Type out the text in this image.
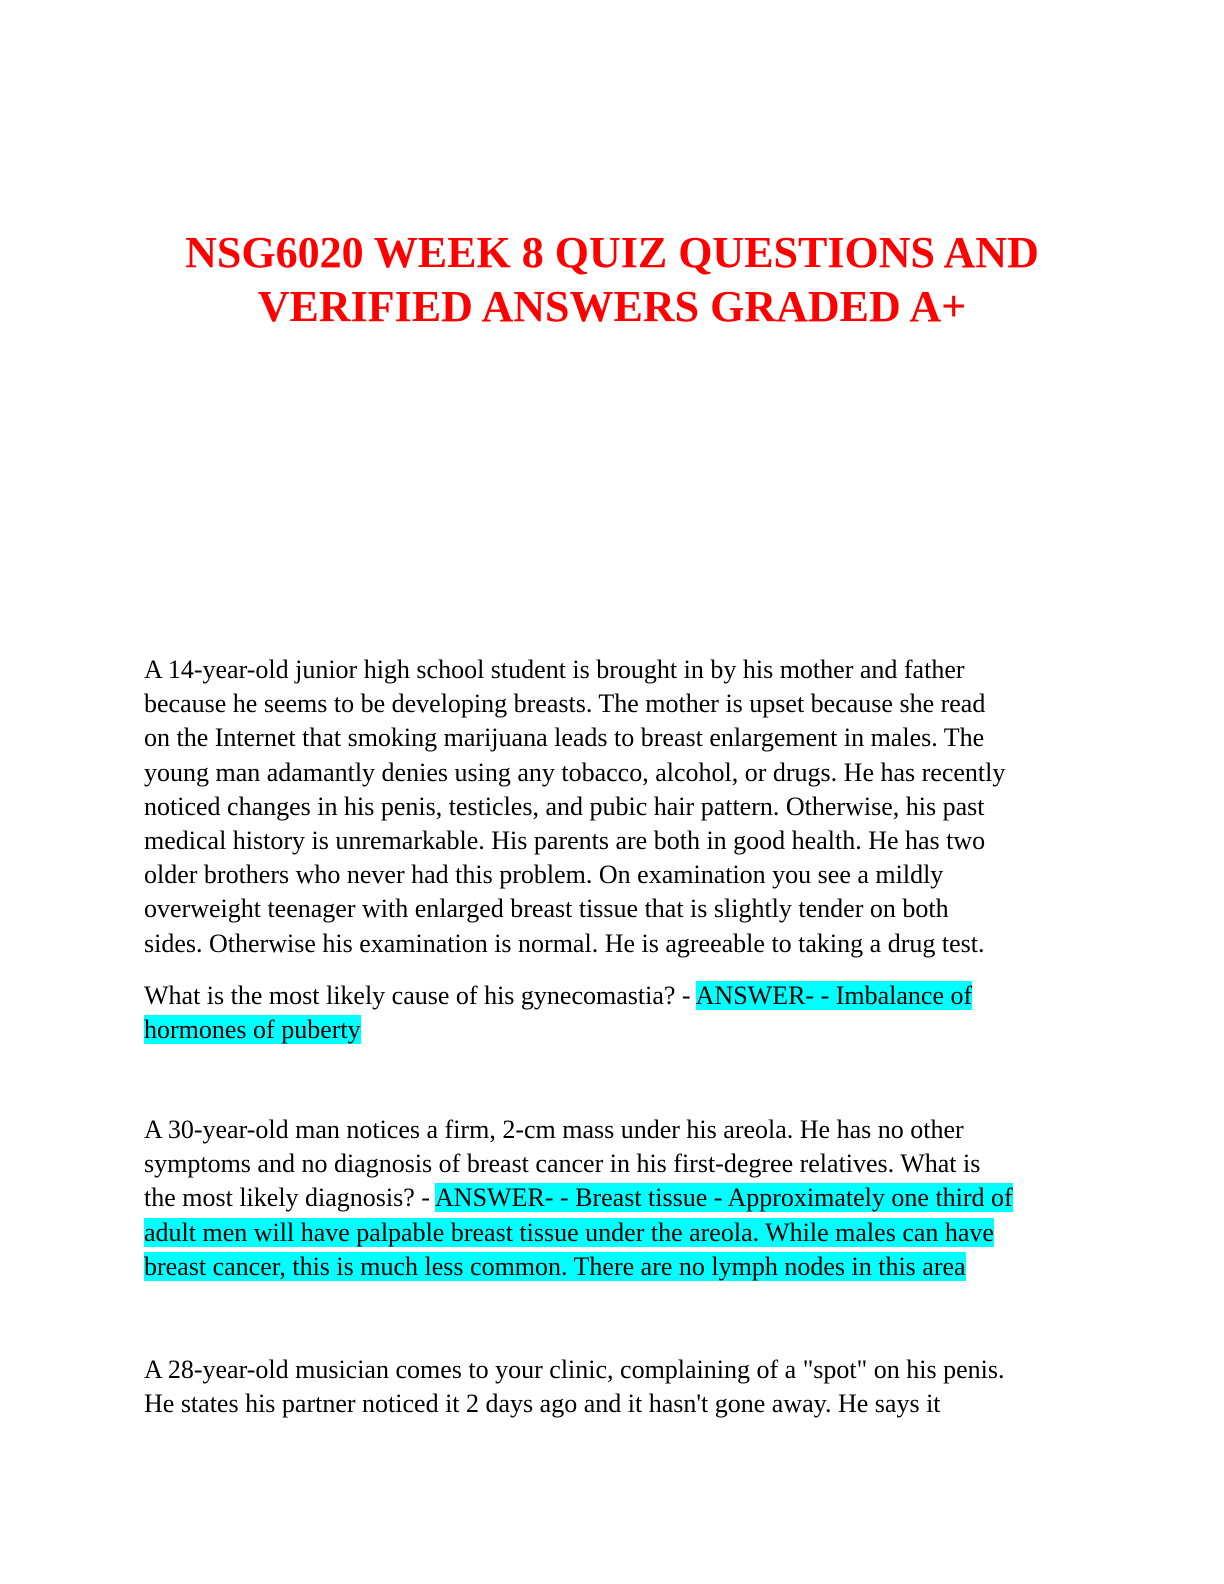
NSG6020 WEEK 8 QUIZ QUESTIONS AND
VERIFIED ANSWERS GRADED A+
A 14-year-old junior high school student is brought in by his mother and father
because he seems to be developing breasts. The mother is upset because she read
on the Internet that smoking marijuana leads to breast enlargement in males. The
young man adamantly denies using any tobacco, alcohol, or drugs. He has recently
noticed changes in his penis, testicles, and pubic hair pattern. Otherwise, his past
medical history is unremarkable. His parents are both in good health. He has two
older brothers who never had this problem. On examination you see a mildly
overweight teenager with enlarged breast tissue that is slightly tender on both
sides. Otherwise his examination is normal. He is agreeable to taking a drug test.
What is the most likely cause of his gynecomastia? - ANSWER- - Imbalance of
hormones of puberty
A 30-year-old man notices a firm, 2-cm mass under his areola. He has no other
symptoms and no diagnosis of breast cancer in his first-degree relatives. What is
the most likely diagnosis? - ANSWER- - Breast tissue - Approximately one third of
adult men will have palpable breast tissue under the areola. While males can have
breast cancer, this is much less common. There are no lymph nodes in this area
A 28-year-old musician comes to your clinic, complaining of a "spot" on his penis.
He states his partner noticed it 2 days ago and it hasn't gone away. He says it
